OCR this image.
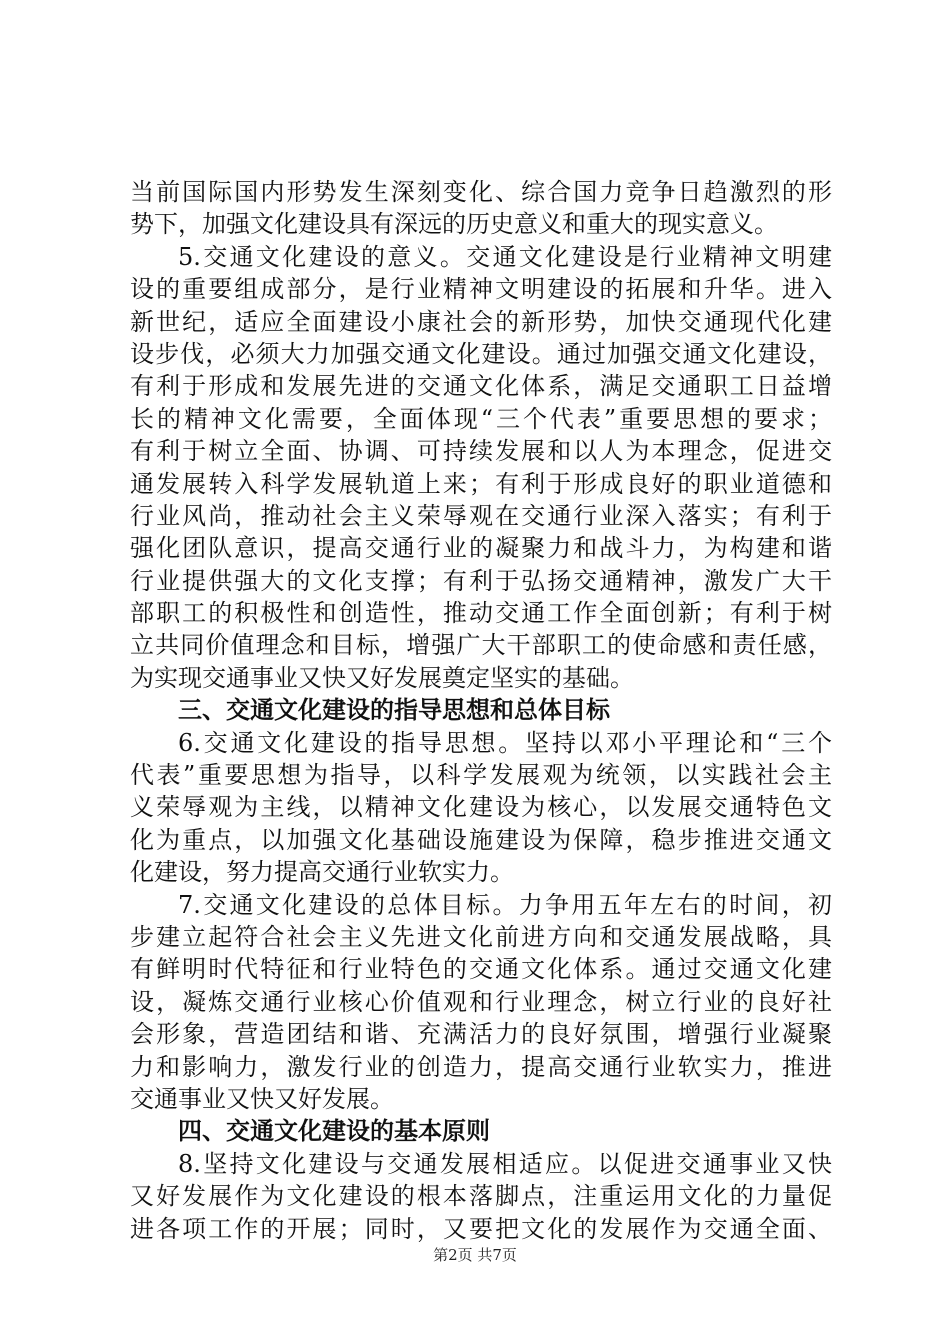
当前国际国内形势发生深刻变化、综合国力竞争日趋激烈的形
势下，加强文化建设具有深远的历史意义和重大的现实意义。
5.交通文化建设的意义。交通文化建设是行业精神文明建
设的重要组成部分，是行业精神文明建设的拓展和升华。进入
新世纪，适应全面建设小康社会的新形势，加快交通现代化建
设步伐，必须大力加强交通文化建设。通过加强交通文化建设，
有利于形成和发展先进的交通文化体系，满足交通职工日益增
长的精神文化需要，全面体现“三个代表”重要思想的要求；
有利于树立全面、协调、可持续发展和以人为本理念，促进交
通发展转入科学发展轨道上来；有利于形成良好的职业道德和
行业风尚，推动社会主义荣辱观在交通行业深入落实；有利于
强化团队意识，提高交通行业的凝聚力和战斗力，为构建和谐
行业提供强大的文化支撑；有利于弘扬交通精神，激发广大干
部职工的积极性和创造性，推动交通工作全面创新；有利于树
立共同价值理念和目标，增强广大干部职工的使命感和责任感，
为实现交通事业又快又好发展奠定坚实的基础。
三、交通文化建设的指导思想和总体目标
6.交通文化建设的指导思想。坚持以邓小平理论和“三个
代表”重要思想为指导，以科学发展观为统领，以实践社会主
义荣辱观为主线，以精神文化建设为核心，以发展交通特色文
化为重点，以加强文化基础设施建设为保障，稳步推进交通文
化建设，努力提高交通行业软实力。
7.交通文化建设的总体目标。力争用五年左右的时间，初
步建立起符合社会主义先进文化前进方向和交通发展战略，具
有鲜明时代特征和行业特色的交通文化体系。通过交通文化建
设，凝炼交通行业核心价值观和行业理念，树立行业的良好社
会形象，营造团结和谐、充满活力的良好氛围，增强行业凝聚
力和影响力，激发行业的创造力，提高交通行业软实力，推进
交通事业又快又好发展。
四、交通文化建设的基本原则
8.坚持文化建设与交通发展相适应。以促进交通事业又快
又好发展作为文化建设的根本落脚点，注重运用文化的力量促
进各项工作的开展；同时，又要把文化的发展作为交通全面、
第2页 共7页
